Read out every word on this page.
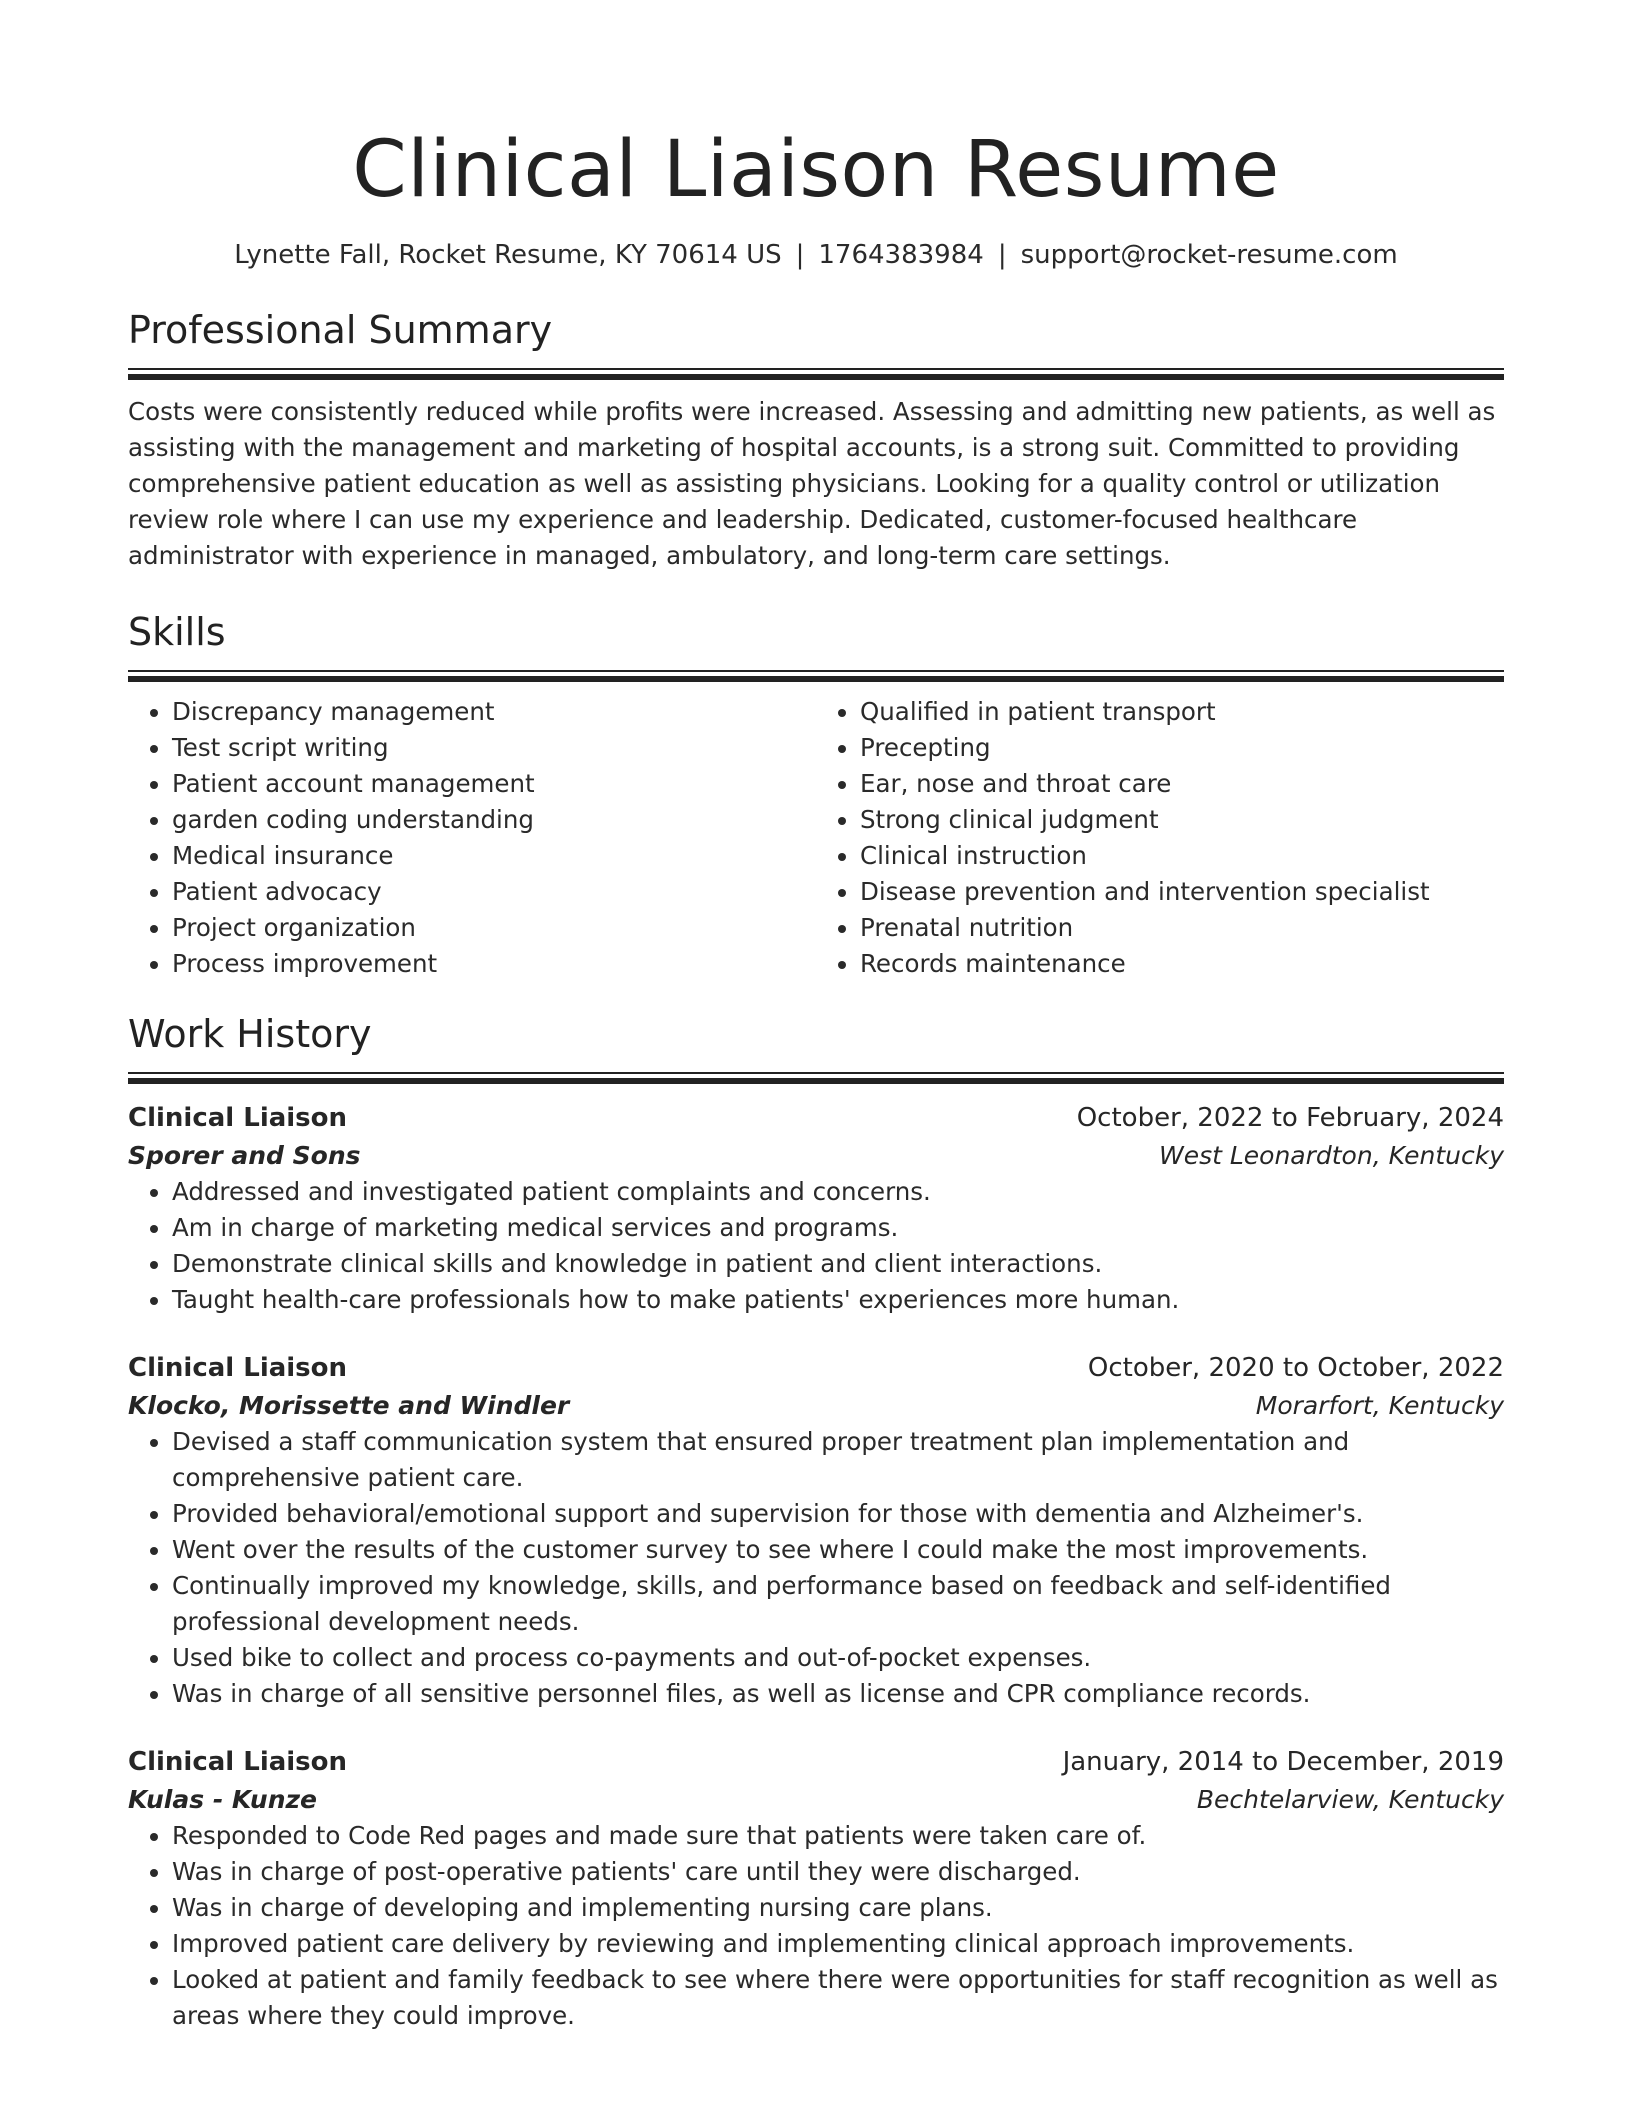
Clinical Liaison Resume
Lynette Fall, Rocket Resume, KY 70614 US | 1764383984 | support@rocket-resume.com
Professional Summary

Costs were consistently reduced while profits were increased. Assessing and admitting new patients, as well as assisting with the management and marketing of hospital accounts, is a strong suit. Committed to providing comprehensive patient education as well as assisting physicians. Looking for a quality control or utilization review role where I can use my experience and leadership. Dedicated, customer-focused healthcare administrator with experience in managed, ambulatory, and long-term care settings.

Skills
• Discrepancy management
• Test script writing
• Patient account management
• garden coding understanding
• Medical insurance
• Patient advocacy
• Project organization
• Process improvement
• Qualified in patient transport
• Precepting
• Ear, nose and throat care
• Strong clinical judgment
• Clinical instruction
• Disease prevention and intervention specialist
• Prenatal nutrition
• Records maintenance
Work History
Clinical Liaison	October, 2022 to February, 2024
Sporer and Sons	West Leonardton, Kentucky
• Addressed and investigated patient complaints and concerns.
• Am in charge of marketing medical services and programs.
• Demonstrate clinical skills and knowledge in patient and client interactions.
• Taught health-care professionals how to make patients' experiences more human.
Clinical Liaison	October, 2020 to October, 2022
Klocko, Morissette and Windler	Morarfort, Kentucky
• Devised a staff communication system that ensured proper treatment plan implementation and comprehensive patient care.
• Provided behavioral/emotional support and supervision for those with dementia and Alzheimer's.
• Went over the results of the customer survey to see where I could make the most improvements.
• Continually improved my knowledge, skills, and performance based on feedback and self-identified professional development needs.
• Used bike to collect and process co-payments and out-of-pocket expenses.
• Was in charge of all sensitive personnel files, as well as license and CPR compliance records.
Clinical Liaison	January, 2014 to December, 2019
Kulas - Kunze	Bechtelarview, Kentucky
• Responded to Code Red pages and made sure that patients were taken care of.
• Was in charge of post-operative patients' care until they were discharged.
• Was in charge of developing and implementing nursing care plans.
• Improved patient care delivery by reviewing and implementing clinical approach improvements.
• Looked at patient and family feedback to see where there were opportunities for staff recognition as well as areas where they could improve.
